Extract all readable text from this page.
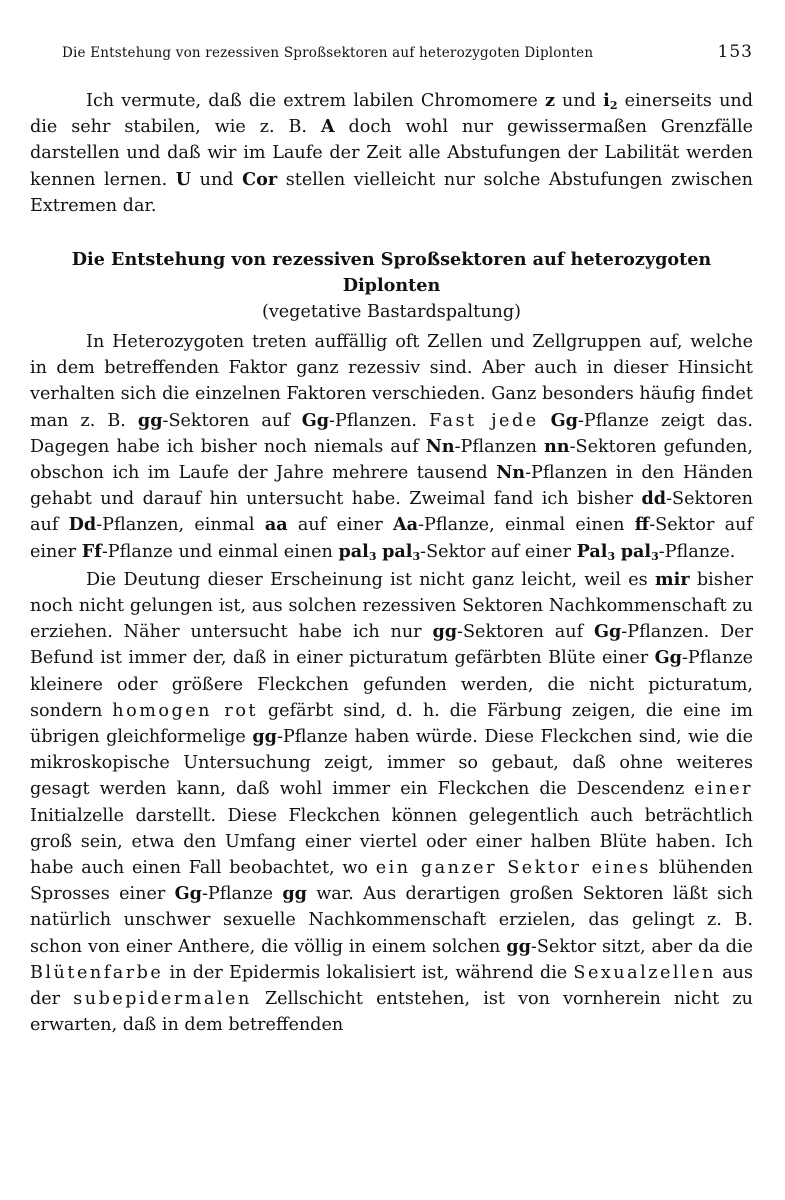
Die Entstehung von rezessiven Sproßsektoren auf heterozygoten Diplonten	153

Ich vermute, daß die extrem labilen Chromomere z und $i_2$ einerseits und die sehr stabilen, wie z. B. A doch wohl nur gewissermaßen Grenzfälle darstellen und daß wir im Laufe der Zeit alle Abstufungen der Labilität werden kennen lernen. U und Cor stellen vielleicht nur solche Abstufungen zwischen Extremen dar.

Die Entstehung von rezessiven Sproßsektoren auf heterozygoten Diplonten

(vegetative Bastardspaltung)

In Heterozygoten treten auffällig oft Zellen und Zellgruppen auf, welche in dem betreffenden Faktor ganz rezessiv sind. Aber auch in dieser Hinsicht verhalten sich die einzelnen Faktoren verschieden. Ganz besonders häufig findet man z. B. gg-Sektoren auf Gg-Pflanzen. Fast jede Gg-Pflanze zeigt das. Dagegen habe ich bisher noch niemals auf Nn-Pflanzen nn-Sektoren gefunden, obschon ich im Laufe der Jahre mehrere tausend Nn-Pflanzen in den Händen gehabt und darauf hin untersucht habe. Zweimal fand ich bisher dd-Sektoren auf Dd-Pflanzen, einmal aa auf einer Aa-Pflanze, einmal einen ff-Sektor auf einer Ff-Pflanze und einmal einen pal$_3$ pal$_3$-Sektor auf einer Pal$_3$ pal$_3$-Pflanze.

Die Deutung dieser Erscheinung ist nicht ganz leicht, weil es mir bisher noch nicht gelungen ist, aus solchen rezessiven Sektoren Nachkommenschaft zu erziehen. Näher untersucht habe ich nur gg-Sektoren auf Gg-Pflanzen. Der Befund ist immer der, daß in einer picturatum gefärbten Blüte einer Gg-Pflanze kleinere oder größere Fleckchen gefunden werden, die nicht picturatum, sondern homogen rot gefärbt sind, d. h. die Färbung zeigen, die eine im übrigen gleichformelige gg-Pflanze haben würde. Diese Fleckchen sind, wie die mikroskopische Untersuchung zeigt, immer so gebaut, daß ohne weiteres gesagt werden kann, daß wohl immer ein Fleckchen die Descendenz einer Initialzelle darstellt. Diese Fleckchen können gelegentlich auch beträchtlich groß sein, etwa den Umfang einer viertel oder einer halben Blüte haben. Ich habe auch einen Fall beobachtet, wo ein ganzer Sektor eines blühenden Sprosses einer Gg-Pflanze gg war. Aus derartigen großen Sektoren läßt sich natürlich unschwer sexuelle Nachkommenschaft erzielen, das gelingt z. B. schon von einer Anthere, die völlig in einem solchen gg-Sektor sitzt, aber da die Blütenfarbe in der Epidermis lokalisiert ist, während die Sexualzellen aus der subepidermalen Zellschicht entstehen, ist von vornherein nicht zu erwarten, daß in dem betreffenden
